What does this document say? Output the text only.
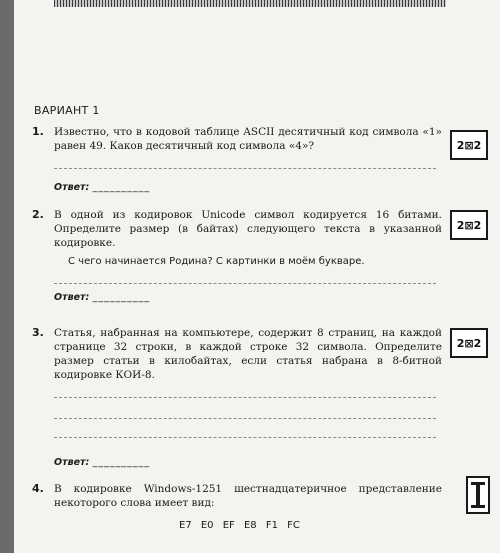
ВАРИАНТ 1
1. Известно, что в кодовой таблице ASCII десятичный код символа «1» равен 49. Каков десятичный код символа «4»?	2⊠2
Ответ: __________
2. В одной из кодировок Unicode символ кодируется 16 битами. Определите размер (в байтах) следующего текста в указанной кодировке.
С чего начинается Родина? С картинки в моём букваре.
2⊠2
Ответ: __________
3. Статья, набранная на компьютере, содержит 8 страниц, на каждой странице 32 строки, в каждой строке 32 символа. Определите размер статьи в килобайтах, если статья набрана в 8-битной кодировке КОИ-8.
2⊠2
Ответ: __________
4. В кодировке Windows-1251 шестнадцатеричное представление некоторого слова имеет вид:
E7 E0 EF E8 F1 FC
